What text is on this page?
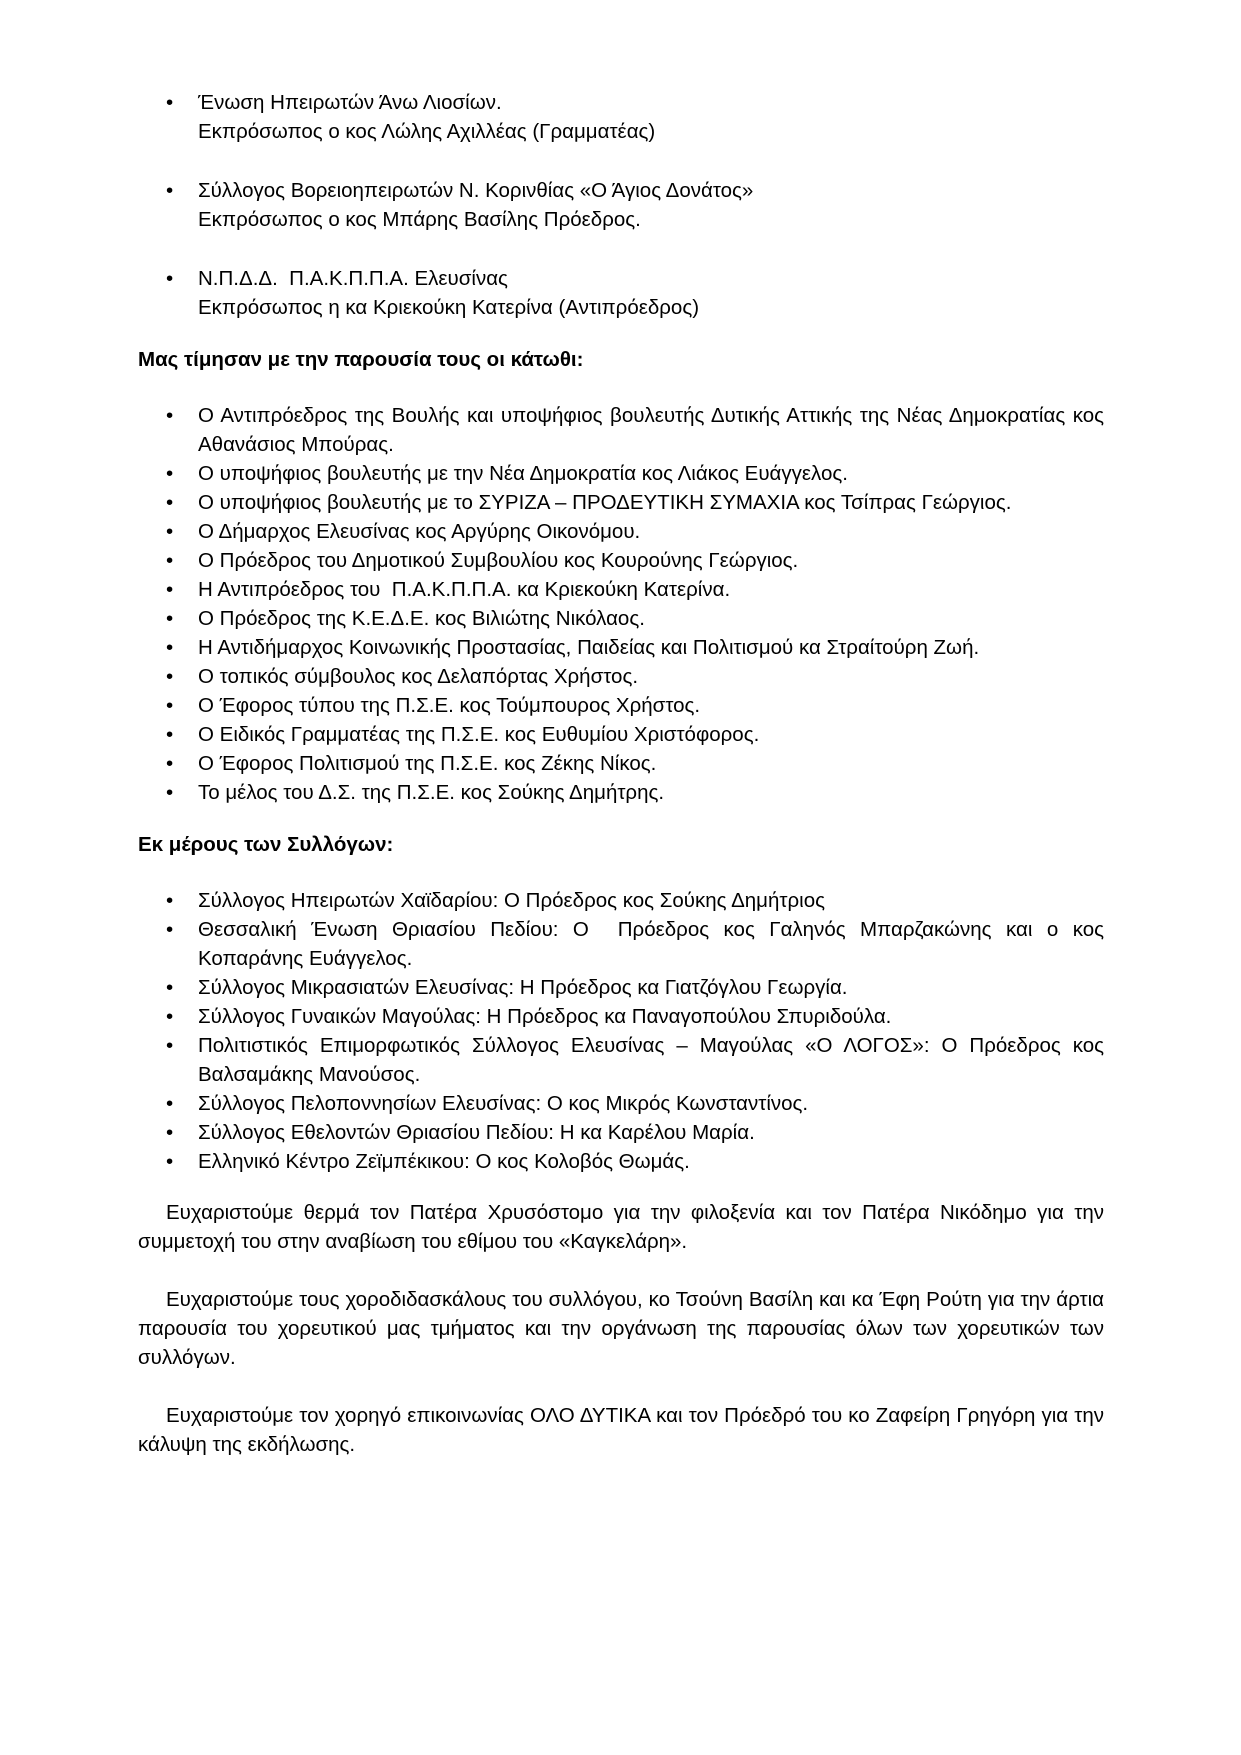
• Ένωση Ηπειρωτών Άνω Λιοσίων.
Εκπρόσωπος ο κος Λώλης Αχιλλέας (Γραμματέας)
• Σύλλογος Βορειοηπειρωτών Ν. Κορινθίας «Ο Άγιος Δονάτος»
Εκπρόσωπος ο κος Μπάρης Βασίλης Πρόεδρος.
• Ν.Π.Δ.Δ.  Π.Α.Κ.Π.Π.Α. Ελευσίνας
Εκπρόσωπος η κα Κριεκούκη Κατερίνα (Αντιπρόεδρος)
Μας τίμησαν με την παρουσία τους οι κάτωθι:
• Ο Αντιπρόεδρος της Βουλής και υποψήφιος βουλευτής Δυτικής Αττικής της Νέας Δημοκρατίας κος Αθανάσιος Μπούρας.
• Ο υποψήφιος βουλευτής με την Νέα Δημοκρατία κος Λιάκος Ευάγγελος.
• Ο υποψήφιος βουλευτής με το ΣΥΡΙΖΑ – ΠΡΟΔΕΥΤΙΚΗ ΣΥΜΑΧΙΑ κος Τσίπρας Γεώργιος.
• Ο Δήμαρχος Ελευσίνας κος Αργύρης Οικονόμου.
• Ο Πρόεδρος του Δημοτικού Συμβουλίου κος Κουρούνης Γεώργιος.
• Η Αντιπρόεδρος του  Π.Α.Κ.Π.Π.Α. κα Κριεκούκη Κατερίνα.
• Ο Πρόεδρος της Κ.Ε.Δ.Ε. κος Βιλιώτης Νικόλαος.
• Η Αντιδήμαρχος Κοινωνικής Προστασίας, Παιδείας και Πολιτισμού κα Στραίτούρη Ζωή.
• Ο τοπικός σύμβουλος κος Δελαπόρτας Χρήστος.
• Ο Έφορος τύπου της Π.Σ.Ε. κος Τούμπουρος Χρήστος.
• Ο Ειδικός Γραμματέας της Π.Σ.Ε. κος Ευθυμίου Χριστόφορος.
• Ο Έφορος Πολιτισμού της Π.Σ.Ε. κος Ζέκης Νίκος.
• Το μέλος του Δ.Σ. της Π.Σ.Ε. κος Σούκης Δημήτρης.
Εκ μέρους των Συλλόγων:
• Σύλλογος Ηπειρωτών Χαϊδαρίου: Ο Πρόεδρος κος Σούκης Δημήτριος
• Θεσσαλική Ένωση Θριασίου Πεδίου: Ο  Πρόεδρος κος Γαληνός Μπαρζακώνης και ο κος Κοπαράνης Ευάγγελος.
• Σύλλογος Μικρασιατών Ελευσίνας: Η Πρόεδρος κα Γιατζόγλου Γεωργία.
• Σύλλογος Γυναικών Μαγούλας: Η Πρόεδρος κα Παναγοπούλου Σπυριδούλα.
• Πολιτιστικός Επιμορφωτικός Σύλλογος Ελευσίνας – Μαγούλας «Ο ΛΟΓΟΣ»: Ο Πρόεδρος κος Βαλσαμάκης Μανούσος.
• Σύλλογος Πελοποννησίων Ελευσίνας: Ο κος Μικρός Κωνσταντίνος.
• Σύλλογος Εθελοντών Θριασίου Πεδίου: Η κα Καρέλου Μαρία.
• Ελληνικό Κέντρο Ζεϊμπέκικου: Ο κος Κολοβός Θωμάς.

Ευχαριστούμε θερμά τον Πατέρα Χρυσόστομο για την φιλοξενία και τον Πατέρα Νικόδημο για την συμμετοχή του στην αναβίωση του εθίμου του «Καγκελάρη».

Ευχαριστούμε τους χοροδιδασκάλους του συλλόγου, κο Τσούνη Βασίλη και κα Έφη Ρούτη για την άρτια παρουσία του χορευτικού μας τμήματος και την οργάνωση της παρουσίας όλων των χορευτικών των συλλόγων.

Ευχαριστούμε τον χορηγό επικοινωνίας ΟΛΟ ΔΥΤΙΚΑ και τον Πρόεδρό του κο Ζαφείρη Γρηγόρη για την κάλυψη της εκδήλωσης.
